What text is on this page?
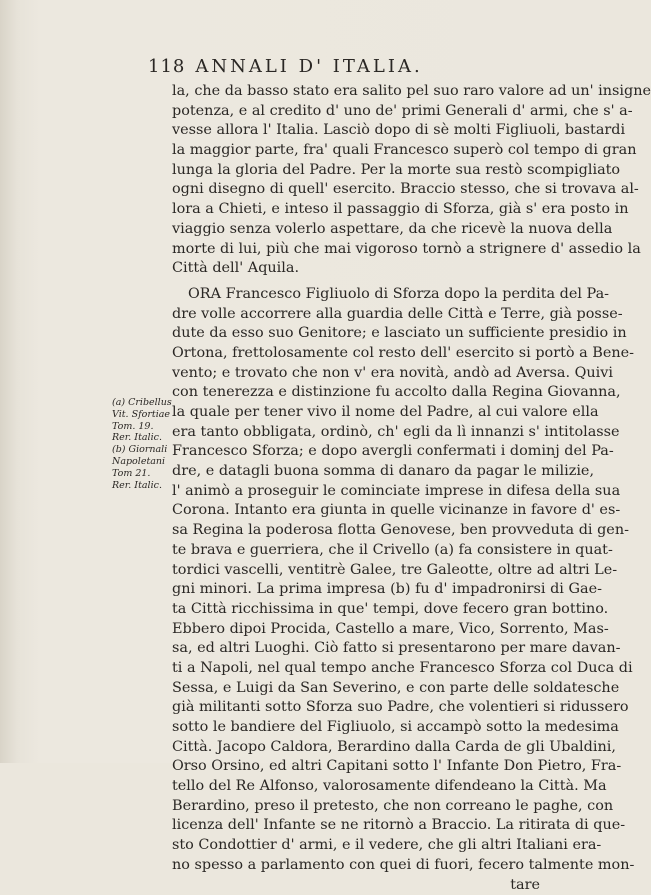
118 ANNALI D' ITALIA.
la, che da basso stato era salito pel suo raro valore ad un' insigne
potenza, e al credito d' uno de' primi Generali d' armi, che s' a-
vesse allora l' Italia. Lasciò dopo di sè molti Figliuoli, bastardi
la maggior parte, fra' quali Francesco superò col tempo di gran
lunga la gloria del Padre. Per la morte sua restò scompigliato
ogni disegno di quell' esercito. Braccio stesso, che si trovava al-
lora a Chieti, e inteso il passaggio di Sforza, già s' era posto in
viaggio senza volerlo aspettare, da che ricevè la nuova della
morte di lui, più che mai vigoroso tornò a strignere d' assedio la
Città dell' Aquila.
ORA Francesco Figliuolo di Sforza dopo la perdita del Pa-
dre volle accorrere alla guardia delle Città e Terre, già posse-
dute da esso suo Genitore; e lasciato un sufficiente presidio in
Ortona, frettolosamente col resto dell' esercito si portò a Bene-
vento; e trovato che non v' era novità, andò ad Aversa. Quivi
con tenerezza e distinzione fu accolto dalla Regina Giovanna,
la quale per tener vivo il nome del Padre, al cui valore ella
era tanto obbligata, ordinò, ch' egli da lì innanzi s' intitolasse
Francesco Sforza; e dopo avergli confermati i dominj del Pa-
dre, e datagli buona somma di danaro da pagar le milizie,
l' animò a proseguir le cominciate imprese in difesa della sua
Corona. Intanto era giunta in quelle vicinanze in favore d' es-
sa Regina la poderosa flotta Genovese, ben provveduta di gen-
te brava e guerriera, che il Crivello (a) fa consistere in quat-
tordici vascelli, ventitrè Galee, tre Galeotte, oltre ad altri Le-
gni minori. La prima impresa (b) fu d' impadronirsi di Gae-
ta Città ricchissima in que' tempi, dove fecero gran bottino.
Ebbero dipoi Procida, Castello a mare, Vico, Sorrento, Mas-
sa, ed altri Luoghi. Ciò fatto si presentarono per mare davan-
ti a Napoli, nel qual tempo anche Francesco Sforza col Duca di
Sessa, e Luigi da San Severino, e con parte delle soldatesche
già militanti sotto Sforza suo Padre, che volentieri si ridussero
sotto le bandiere del Figliuolo, si accampò sotto la medesima
Città. Jacopo Caldora, Berardino dalla Carda de gli Ubaldini,
Orso Orsino, ed altri Capitani sotto l' Infante Don Pietro, Fra-
tello del Re Alfonso, valorosamente difendeano la Città. Ma
Berardino, preso il pretesto, che non correano le paghe, con
licenza dell' Infante se ne ritornò a Braccio. La ritirata di que-
sto Condottier d' armi, e il vedere, che gli altri Italiani era-
no spesso a parlamento con quei di fuori, fecero talmente mon-
tare
(a) Cribellus
Vit. Sfortiae
Tom. 19.
Rer. Italic.
(b) Giornali
Napoletani
Tom 21.
Rer. Italic.
